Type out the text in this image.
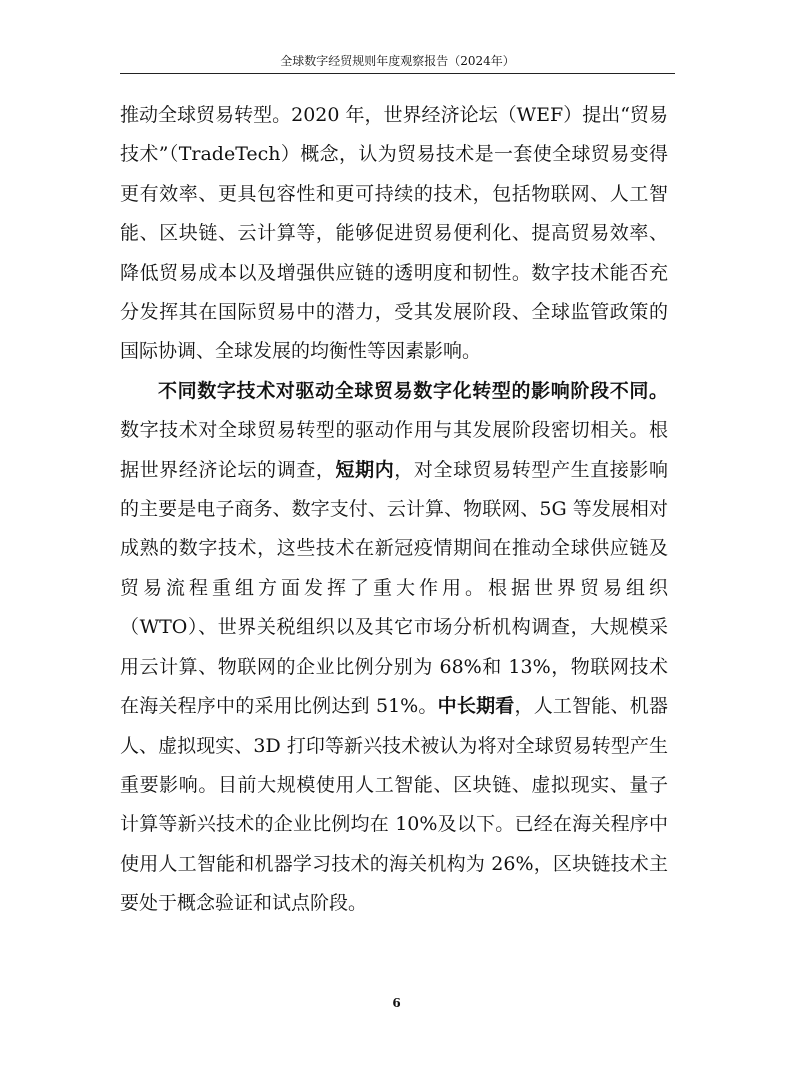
全球数字经贸规则年度观察报告（2024年）

推动全球贸易转型。2020 年，世界经济论坛（WEF）提出“贸易技术”（TradeTech）概念，认为贸易技术是一套使全球贸易变得更有效率、更具包容性和更可持续的技术，包括物联网、人工智能、区块链、云计算等，能够促进贸易便利化、提高贸易效率、降低贸易成本以及增强供应链的透明度和韧性。数字技术能否充分发挥其在国际贸易中的潜力，受其发展阶段、全球监管政策的国际协调、全球发展的均衡性等因素影响。

不同数字技术对驱动全球贸易数字化转型的影响阶段不同。数字技术对全球贸易转型的驱动作用与其发展阶段密切相关。根据世界经济论坛的调查，短期内，对全球贸易转型产生直接影响的主要是电子商务、数字支付、云计算、物联网、5G 等发展相对成熟的数字技术，这些技术在新冠疫情期间在推动全球供应链及贸易流程重组方面发挥了重大作用。根据世界贸易组织（WTO）、世界关税组织以及其它市场分析机构调查，大规模采用云计算、物联网的企业比例分别为 68%和 13%，物联网技术在海关程序中的采用比例达到 51%。中长期看，人工智能、机器人、虚拟现实、3D 打印等新兴技术被认为将对全球贸易转型产生重要影响。目前大规模使用人工智能、区块链、虚拟现实、量子计算等新兴技术的企业比例均在 10%及以下。已经在海关程序中使用人工智能和机器学习技术的海关机构为 26%，区块链技术主要处于概念验证和试点阶段。

6
